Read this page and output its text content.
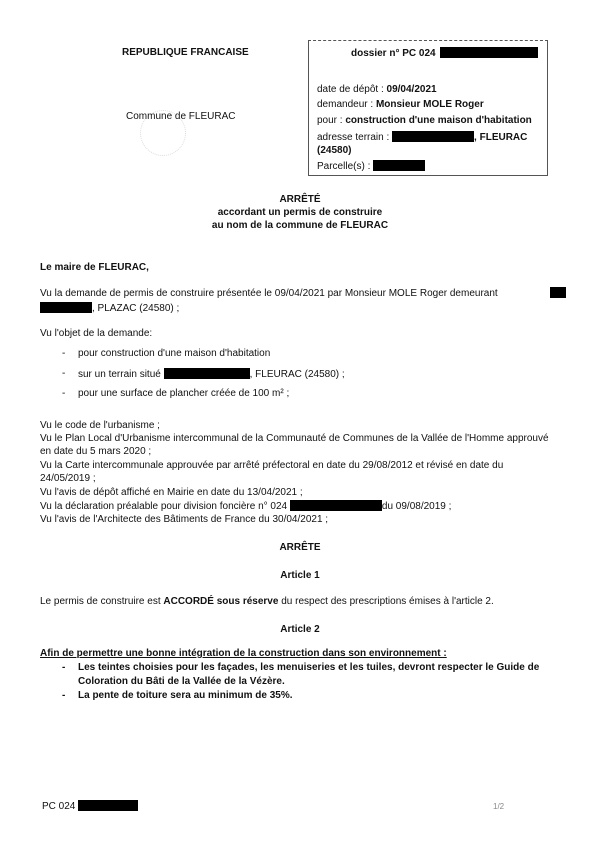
REPUBLIQUE FRANCAISE
Commune de FLEURAC
dossier n° PC 024
date de dépôt : 09/04/2021
demandeur : Monsieur MOLE Roger
pour : construction d'une maison d'habitation
adresse terrain :	, FLEURAC
(24580)
Parcelle(s) :
ARRÊTÉ
accordant un permis de construire
au nom de la commune de FLEURAC
Le maire de FLEURAC,
Vu la demande de permis de construire présentée le 09/04/2021 par Monsieur MOLE Roger demeurant
, PLAZAC (24580) ;
Vu l'objet de la demande:
- pour construction d'une maison d'habitation
- sur un terrain situé	, FLEURAC (24580) ;
- pour une surface de plancher créée de 100 m² ;
Vu le code de l'urbanisme ;
Vu le Plan Local d'Urbanisme intercommunal de la Communauté de Communes de la Vallée de l'Homme approuvé
en date du 5 mars 2020 ;
Vu la Carte intercommunale approuvée par arrêté préfectoral en date du 29/08/2012 et révisé en date du
24/05/2019 ;
Vu l'avis de dépôt affiché en Mairie en date du 13/04/2021 ;
Vu la déclaration préalable pour division foncière n° 024	du 09/08/2019 ;
Vu l'avis de l'Architecte des Bâtiments de France du 30/04/2021 ;
ARRÊTE
Article 1
Le permis de construire est ACCORDÉ sous réserve du respect des prescriptions émises à l'article 2.
Article 2
Afin de permettre une bonne intégration de la construction dans son environnement :
- Les teintes choisies pour les façades, les menuiseries et les tuiles, devront respecter le Guide de
Coloration du Bâti de la Vallée de la Vézère.
- La pente de toiture sera au minimum de 35%.
PC 024	1/2
